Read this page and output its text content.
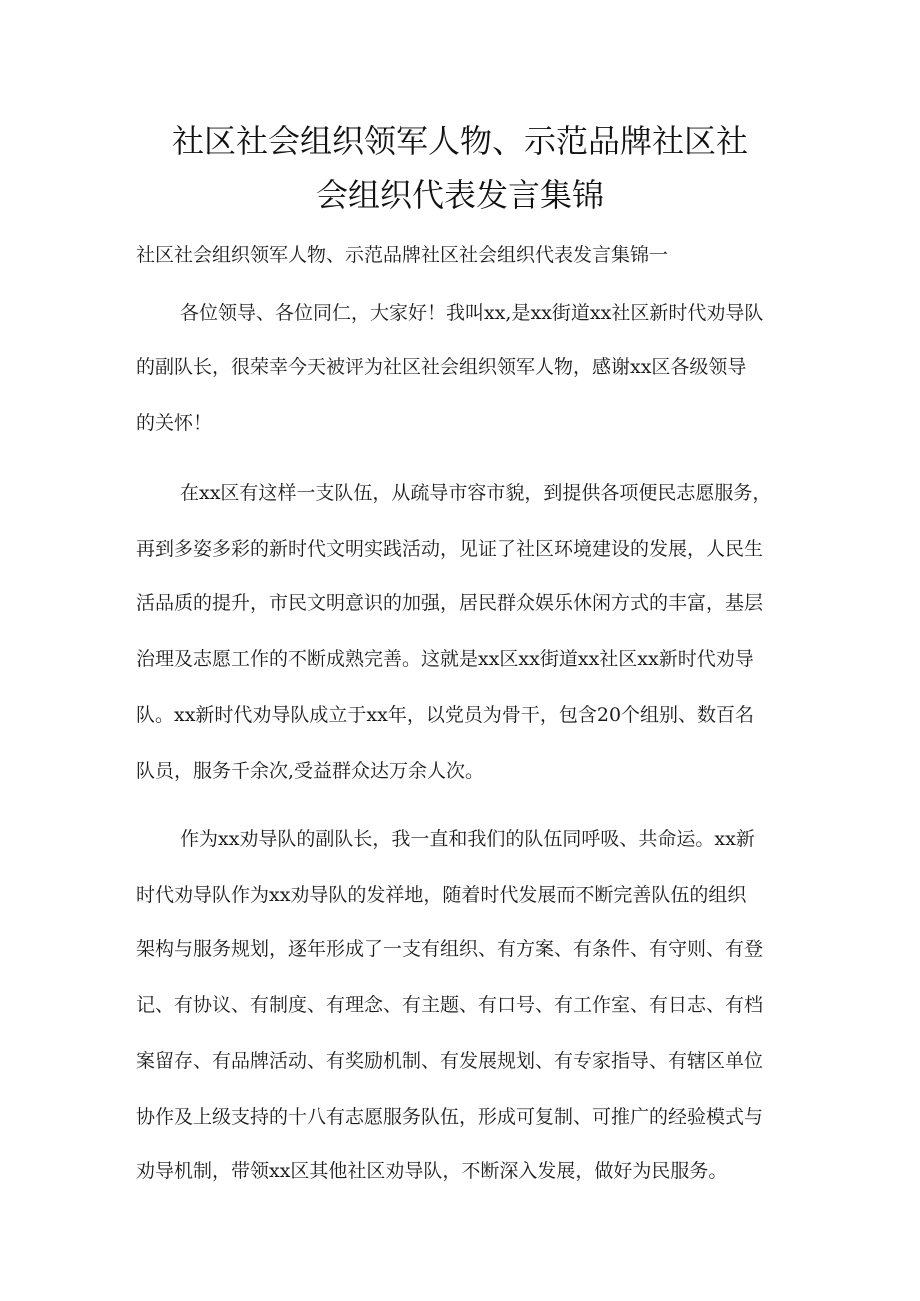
社区社会组织领军人物、示范品牌社区社
会组织代表发言集锦
社区社会组织领军人物、示范品牌社区社会组织代表发言集锦一
各位领导、各位同仁，大家好！我叫xx,是xx街道xx社区新时代劝导队
的副队长，很荣幸今天被评为社区社会组织领军人物，感谢xx区各级领导
的关怀！
在xx区有这样一支队伍，从疏导市容市貌，到提供各项便民志愿服务，
再到多姿多彩的新时代文明实践活动，见证了社区环境建设的发展，人民生
活品质的提升，市民文明意识的加强，居民群众娱乐休闲方式的丰富，基层
治理及志愿工作的不断成熟完善。这就是xx区xx街道xx社区xx新时代劝导
队。xx新时代劝导队成立于xx年，以党员为骨干，包含20个组别、数百名
队员，服务千余次,受益群众达万余人次。
作为xx劝导队的副队长，我一直和我们的队伍同呼吸、共命运。xx新
时代劝导队作为xx劝导队的发祥地，随着时代发展而不断完善队伍的组织
架构与服务规划，逐年形成了一支有组织、有方案、有条件、有守则、有登
记、有协议、有制度、有理念、有主题、有口号、有工作室、有日志、有档
案留存、有品牌活动、有奖励机制、有发展规划、有专家指导、有辖区单位
协作及上级支持的十八有志愿服务队伍，形成可复制、可推广的经验模式与
劝导机制，带领xx区其他社区劝导队，不断深入发展，做好为民服务。
